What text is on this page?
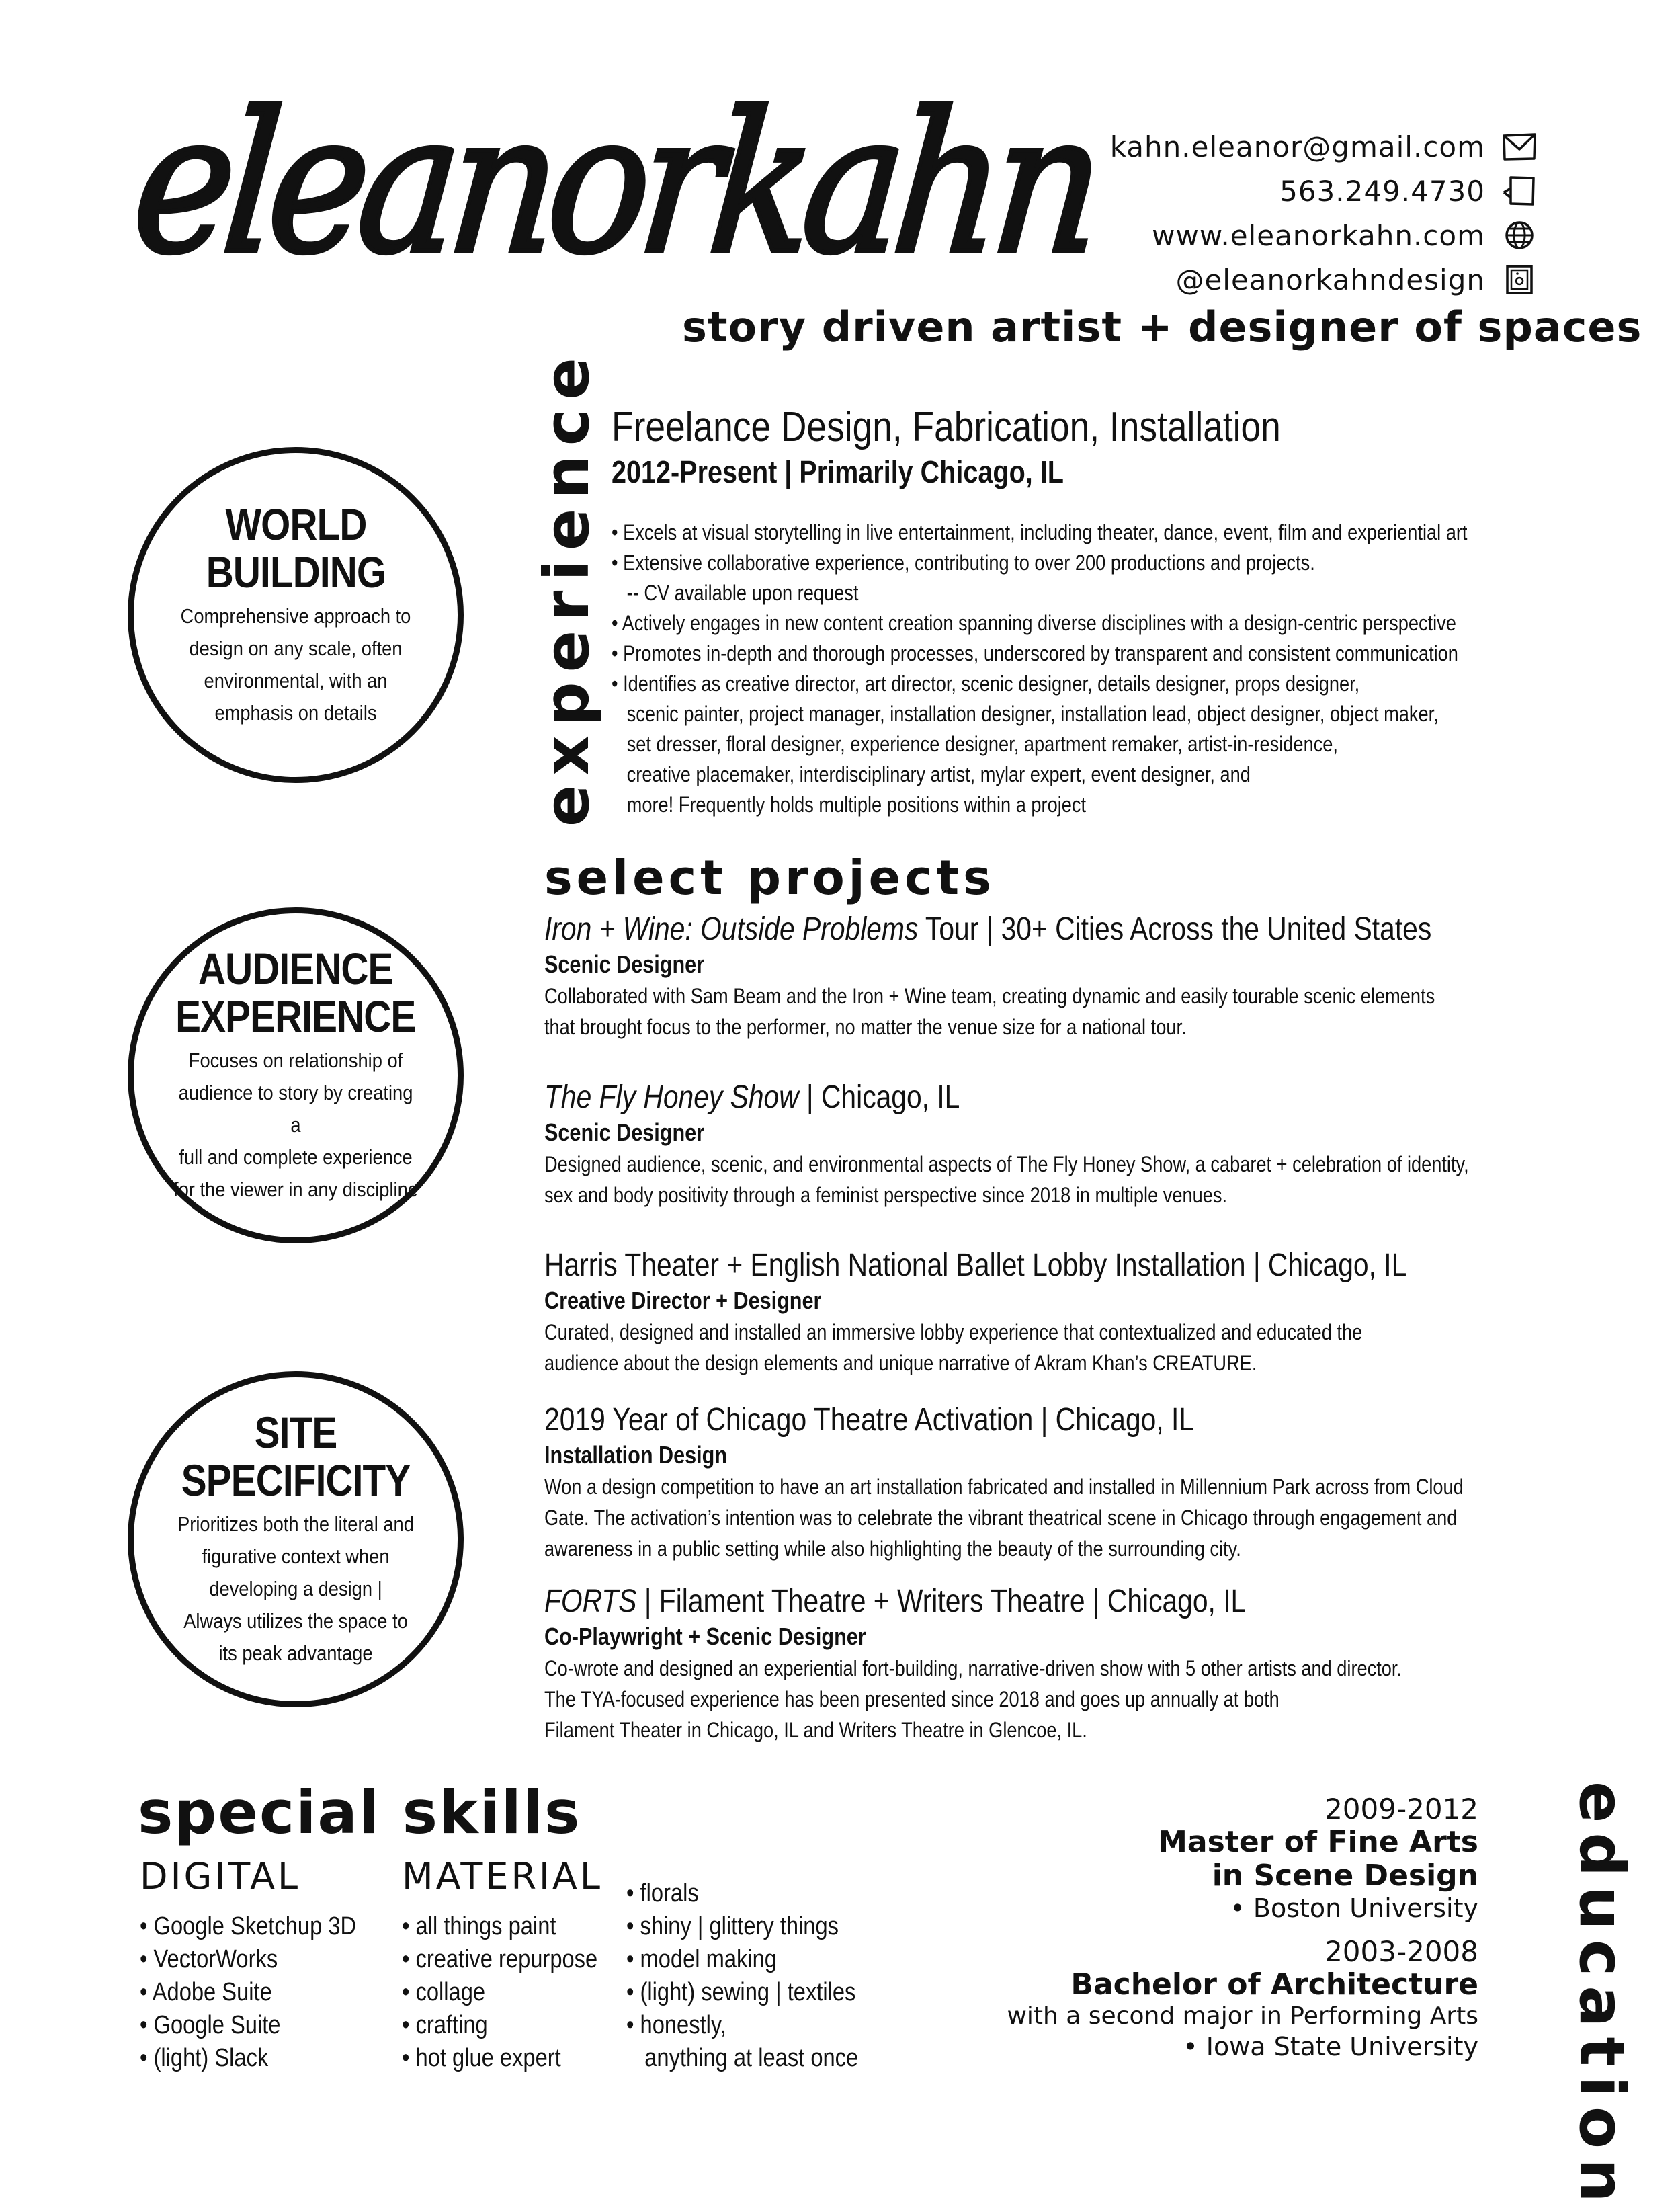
eleanorkahn kahn.eleanor@gmail.com
563.249.4730
www.eleanorkahn.com
@eleanorkahndesign
story driven artist + designer of spaces
WORLD
BUILDING
Comprehensive approach to
design on any scale, often
environmental, with an
emphasis on details
AUDIENCE
EXPERIENCE
Focuses on relationship of
audience to story by creating a
full and complete experience
for the viewer in any discipline
SITE
SPECIFICITY
Prioritizes both the literal and
figurative context when
developing a design |
Always utilizes the space to
its peak advantage
experience Freelance Design, Fabrication, Installation
2012-Present | Primarily Chicago, IL
• Excels at visual storytelling in live entertainment, including theater, dance, event, film and experiential art
• Extensive collaborative experience, contributing to over 200 productions and projects.
-- CV available upon request
• Actively engages in new content creation spanning diverse disciplines with a design-centric perspective
• Promotes in-depth and thorough processes, underscored by transparent and consistent communication
• Identifies as creative director, art director, scenic designer, details designer, props designer,
scenic painter, project manager, installation designer, installation lead, object designer, object maker,
set dresser, floral designer, experience designer, apartment remaker, artist-in-residence,
creative placemaker, interdisciplinary artist, mylar expert, event designer, and
more! Frequently holds multiple positions within a project
select projects
Iron + Wine: Outside Problems Tour | 30+ Cities Across the United States
Scenic Designer
Collaborated with Sam Beam and the Iron + Wine team, creating dynamic and easily tourable scenic elements
that brought focus to the performer, no matter the venue size for a national tour.
The Fly Honey Show | Chicago, IL
Scenic Designer
Designed audience, scenic, and environmental aspects of The Fly Honey Show, a cabaret + celebration of identity,
sex and body positivity through a feminist perspective since 2018 in multiple venues.
Harris Theater + English National Ballet Lobby Installation | Chicago, IL
Creative Director + Designer
Curated, designed and installed an immersive lobby experience that contextualized and educated the
audience about the design elements and unique narrative of Akram Khan’s CREATURE.
2019 Year of Chicago Theatre Activation | Chicago, IL
Installation Design
Won a design competition to have an art installation fabricated and installed in Millennium Park across from Cloud
Gate. The activation’s intention was to celebrate the vibrant theatrical scene in Chicago through engagement and
awareness in a public setting while also highlighting the beauty of the surrounding city.
FORTS | Filament Theatre + Writers Theatre | Chicago, IL
Co-Playwright + Scenic Designer
Co-wrote and designed an experiential fort-building, narrative-driven show with 5 other artists and director.
The TYA-focused experience has been presented since 2018 and goes up annually at both
Filament Theater in Chicago, IL and Writers Theatre in Glencoe, IL.
special skills
DIGITAL	MATERIAL
• Google Sketchup 3D
• VectorWorks
• Adobe Suite
• Google Suite
• (light) Slack
• all things paint
• creative repurpose
• collage
• crafting
• hot glue expert
• florals
• shiny | glittery things
• model making
• (light) sewing | textiles
• honestly,
anything at least once	education
2009-2012
Master of Fine Arts
in Scene Design
• Boston University
2003-2008
Bachelor of Architecture
with a second major in Performing Arts
• Iowa State University
